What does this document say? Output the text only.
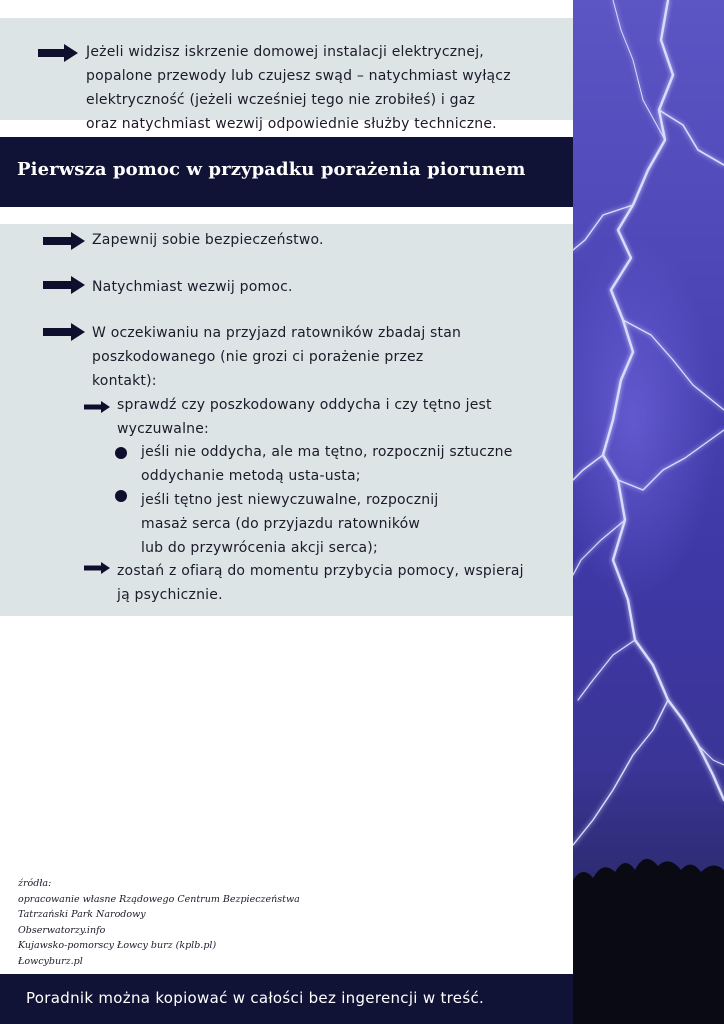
Jeżeli widzisz iskrzenie domowej instalacji elektrycznej,
popalone przewody lub czujesz swąd – natychmiast wyłącz
elektryczność (jeżeli wcześniej tego nie zrobiłeś) i gaz
oraz natychmiast wezwij odpowiednie służby techniczne.
Pierwsza pomoc w przypadku porażenia piorunem
Zapewnij sobie bezpieczeństwo.
Natychmiast wezwij pomoc.
W oczekiwaniu na przyjazd ratowników zbadaj stan
poszkodowanego (nie grozi ci porażenie przez
kontakt):
sprawdź czy poszkodowany oddycha i czy tętno jest
wyczuwalne:
jeśli nie oddycha, ale ma tętno, rozpocznij sztuczne
oddychanie metodą usta-usta;
jeśli tętno jest niewyczuwalne, rozpocznij
masaż serca (do przyjazdu ratowników
lub do przywrócenia akcji serca);
zostań z ofiarą do momentu przybycia pomocy, wspieraj
ją psychicznie.
źródła:
opracowanie własne Rządowego Centrum Bezpieczeństwa
Tatrzański Park Narodowy
Obserwatorzy.info
Kujawsko-pomorscy Łowcy burz (kplb.pl)
Łowcyburz.pl

Poradnik można kopiować w całości bez ingerencji w treść.
